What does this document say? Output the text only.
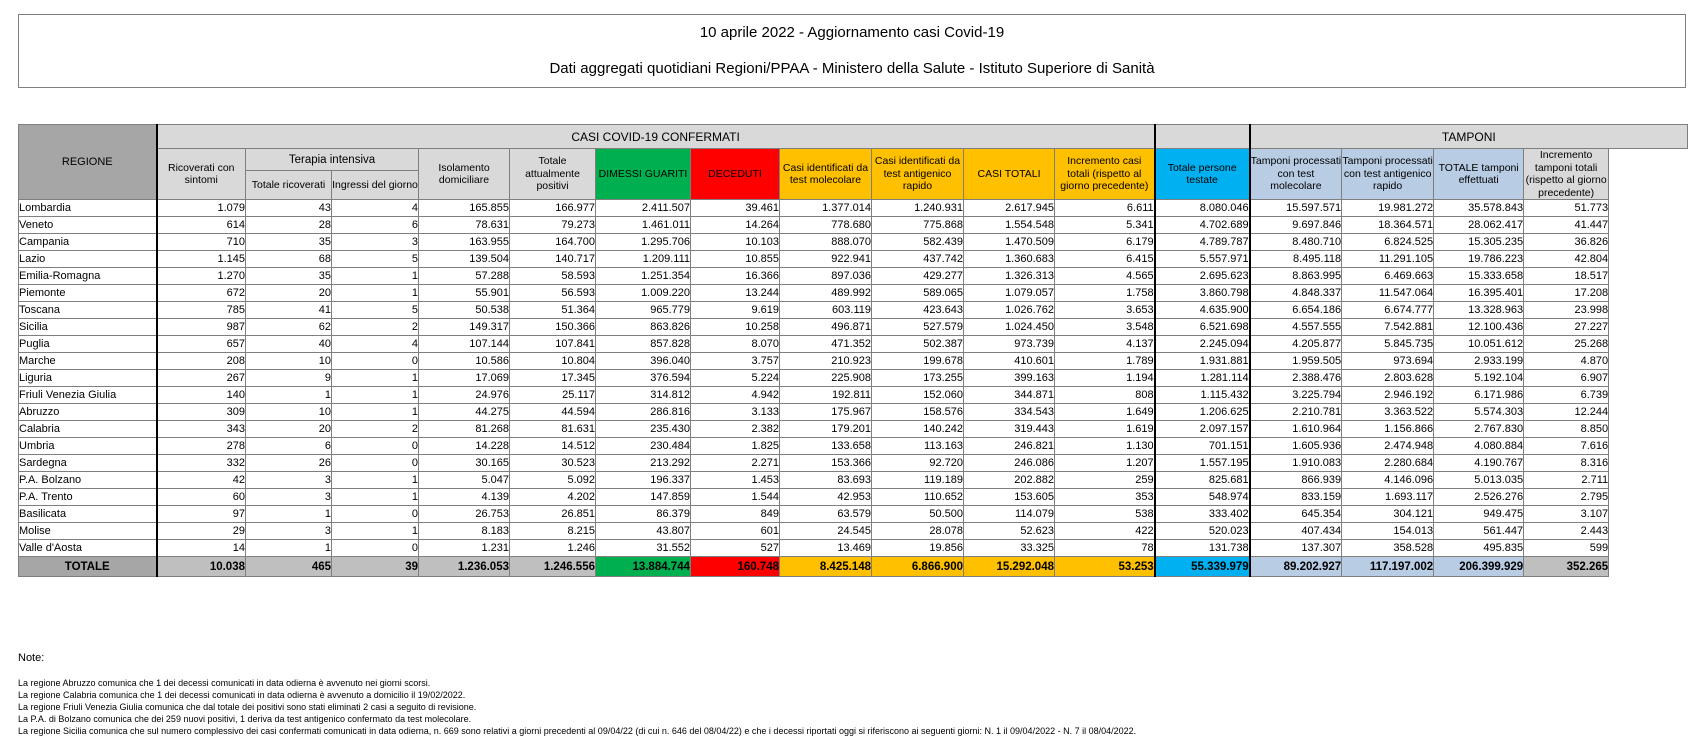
10 aprile 2022 - Aggiornamento casi Covid-19
Dati aggregati quotidiani Regioni/PPAA - Ministero della Salute - Istituto Superiore di Sanità
REGIONE	CASI COVID-19 CONFERMATI												TAMPONI			
	Ricoverati con sintomi	Terapia intensiva		Isolamento domiciliare	Totale attualmente positivi	DIMESSI GUARITI	DECEDUTI	Casi identificati da test molecolare	Casi identificati da test antigenico rapido	CASI TOTALI	Incremento casi totali (rispetto al giorno precedente)	Totale persone testate	Tamponi processati con test molecolare	Tamponi processati con test antigenico rapido	TOTALE tamponi effettuati	Incremento tamponi totali (rispetto al giorno precedente)
		Totale ricoverati	Ingressi del giorno													
Lombardia	1.079	43	4	165.855	166.977	2.411.507	39.461	1.377.014	1.240.931	2.617.945	6.611	8.080.046	15.597.571	19.981.272	35.578.843	51.773
Veneto	614	28	6	78.631	79.273	1.461.011	14.264	778.680	775.868	1.554.548	5.341	4.702.689	9.697.846	18.364.571	28.062.417	41.447
Campania	710	35	3	163.955	164.700	1.295.706	10.103	888.070	582.439	1.470.509	6.179	4.789.787	8.480.710	6.824.525	15.305.235	36.826
Lazio	1.145	68	5	139.504	140.717	1.209.111	10.855	922.941	437.742	1.360.683	6.415	5.557.971	8.495.118	11.291.105	19.786.223	42.804
Emilia-Romagna	1.270	35	1	57.288	58.593	1.251.354	16.366	897.036	429.277	1.326.313	4.565	2.695.623	8.863.995	6.469.663	15.333.658	18.517
Piemonte	672	20	1	55.901	56.593	1.009.220	13.244	489.992	589.065	1.079.057	1.758	3.860.798	4.848.337	11.547.064	16.395.401	17.208
Toscana	785	41	5	50.538	51.364	965.779	9.619	603.119	423.643	1.026.762	3.653	4.635.900	6.654.186	6.674.777	13.328.963	23.998
Sicilia	987	62	2	149.317	150.366	863.826	10.258	496.871	527.579	1.024.450	3.548	6.521.698	4.557.555	7.542.881	12.100.436	27.227
Puglia	657	40	4	107.144	107.841	857.828	8.070	471.352	502.387	973.739	4.137	2.245.094	4.205.877	5.845.735	10.051.612	25.268
Marche	208	10	0	10.586	10.804	396.040	3.757	210.923	199.678	410.601	1.789	1.931.881	1.959.505	973.694	2.933.199	4.870
Liguria	267	9	1	17.069	17.345	376.594	5.224	225.908	173.255	399.163	1.194	1.281.114	2.388.476	2.803.628	5.192.104	6.907
Friuli Venezia Giulia	140	1	1	24.976	25.117	314.812	4.942	192.811	152.060	344.871	808	1.115.432	3.225.794	2.946.192	6.171.986	6.739
Abruzzo	309	10	1	44.275	44.594	286.816	3.133	175.967	158.576	334.543	1.649	1.206.625	2.210.781	3.363.522	5.574.303	12.244
Calabria	343	20	2	81.268	81.631	235.430	2.382	179.201	140.242	319.443	1.619	2.097.157	1.610.964	1.156.866	2.767.830	8.850
Umbria	278	6	0	14.228	14.512	230.484	1.825	133.658	113.163	246.821	1.130	701.151	1.605.936	2.474.948	4.080.884	7.616
Sardegna	332	26	0	30.165	30.523	213.292	2.271	153.366	92.720	246.086	1.207	1.557.195	1.910.083	2.280.684	4.190.767	8.316
P.A. Bolzano	42	3	1	5.047	5.092	196.337	1.453	83.693	119.189	202.882	259	825.681	866.939	4.146.096	5.013.035	2.711
P.A. Trento	60	3	1	4.139	4.202	147.859	1.544	42.953	110.652	153.605	353	548.974	833.159	1.693.117	2.526.276	2.795
Basilicata	97	1	0	26.753	26.851	86.379	849	63.579	50.500	114.079	538	333.402	645.354	304.121	949.475	3.107
Molise	29	3	1	8.183	8.215	43.807	601	24.545	28.078	52.623	422	520.023	407.434	154.013	561.447	2.443
Valle d'Aosta	14	1	0	1.231	1.246	31.552	527	13.469	19.856	33.325	78	131.738	137.307	358.528	495.835	599
TOTALE	10.038	465	39	1.236.053	1.246.556	13.884.744	160.748	8.425.148	6.866.900	15.292.048	53.253	55.339.979	89.202.927	117.197.002	206.399.929	352.265
Note:
La regione Abruzzo comunica che 1 dei decessi comunicati in data odierna è avvenuto nei giorni scorsi.
La regione Calabria comunica che 1 dei decessi comunicati in data odierna è avvenuto a domicilio il 19/02/2022.
La regione Friuli Venezia Giulia comunica che dal totale dei positivi sono stati eliminati 2 casi a seguito di revisione.
La P.A. di Bolzano comunica che dei 259 nuovi positivi, 1 deriva da test antigenico confermato da test molecolare.
La regione Sicilia comunica che sul numero complessivo dei casi confermati comunicati in data odierna, n. 669 sono relativi a giorni precedenti al 09/04/22 (di cui n. 646 del 08/04/22) e che i decessi riportati oggi si riferiscono ai seguenti giorni: N. 1 il 09/04/2022 - N. 7 il 08/04/2022.
